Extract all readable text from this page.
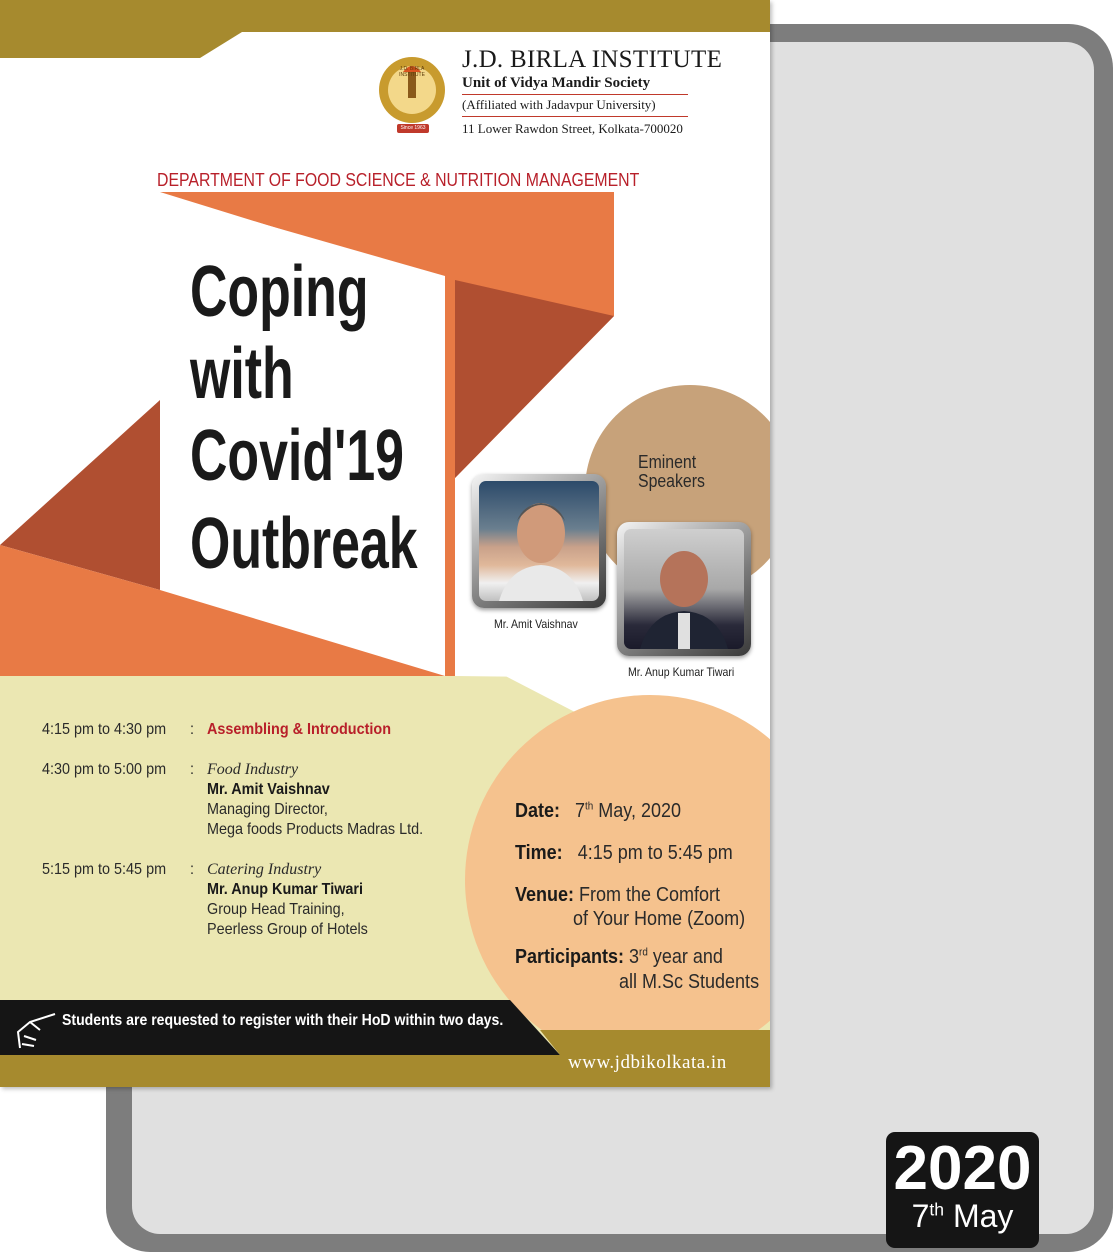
J.D. BIRLA INSTITUTE
Unit of Vidya Mandir Society
(Affiliated with Jadavpur University)
11 Lower Rawdon Street, Kolkata-700020
J.D. BIRLA INSTITUTE
Since 1963
DEPARTMENT OF FOOD SCIENCE & NUTRITION MANAGEMENT
Coping
with
Covid'19
Outbreak
Eminent
Speakers
Mr. Amit Vaishnav
Mr. Anup Kumar Tiwari
4:15 pm to 4:30 pm : Assembling & Introduction
4:30 pm to 5:00 pm : Food Industry
Mr. Amit Vaishnav
Managing Director,
Mega foods Products Madras Ltd.
5:15 pm to 5:45 pm : Catering Industry
Mr. Anup Kumar Tiwari
Group Head Training,
Peerless Group of Hotels
Date: 7th May, 2020
Time: 4:15 pm to 5:45 pm
Venue: From the Comfort
of Your Home (Zoom)
Participants: 3rd year and
all M.Sc Students
Students are requested to register with their HoD within two days.
www.jdbikolkata.in
2020
7th May
